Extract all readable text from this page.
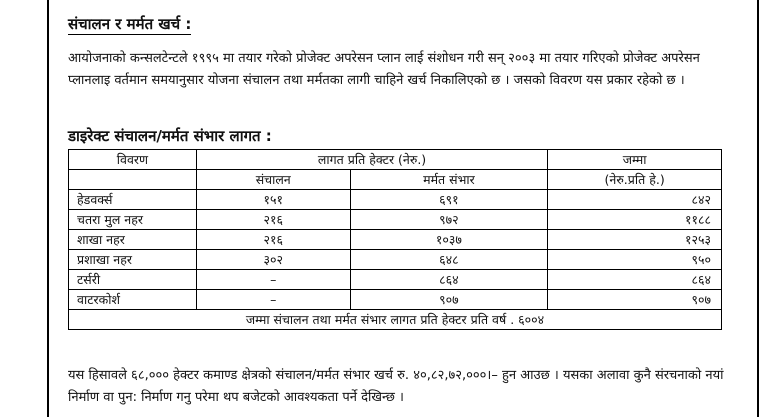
संचालन र मर्मत खर्च :

आयोजनाको कन्सलटेन्टले १९९५ मा तयार गरेको प्रोजेक्ट अपरेसन प्लान लाई संशोधन गरी सन् २००३ मा तयार गरिएको प्रोजेक्ट अपरेसन प्लानलाइ वर्तमान समयानुसार योजना संचालन तथा मर्मतका लागी चाहिने खर्च निकालिएको छ । जसको विवरण यस प्रकार रहेको छ ।

डाइरेक्ट संचालन/मर्मत संभार लागत :
विवरण	लागत प्रति हेक्टर (नेरु.)		जम्मा
	संचालन	मर्मत संभार	(नेरु.प्रति हे.)
हेडवर्क्स	१५१	६९१	८४२
चतरा मुल नहर	२१६	९७२	११८८
शाखा नहर	२१६	१०३७	१२५३
प्रशाखा नहर	३०२	६४८	९५०
टर्सरी	–	८६४	८६४
वाटरकोर्श	–	९०७	९०७
जम्मा संचालन तथा मर्मत संभार लागत प्रति हेक्टर प्रति वर्ष . ६००४			

यस हिसावले ६८,००० हेक्टर कमाण्ड क्षेत्रको संचालन/मर्मत संभार खर्च रु. ४०,८२,७२,०००।– हुन आउछ । यसका अलावा कुनै संरचनाको नयां निर्माण वा पुन: निर्माण गनु परेमा थप बजेटको आवश्यकता पर्ने देखिन्छ ।
